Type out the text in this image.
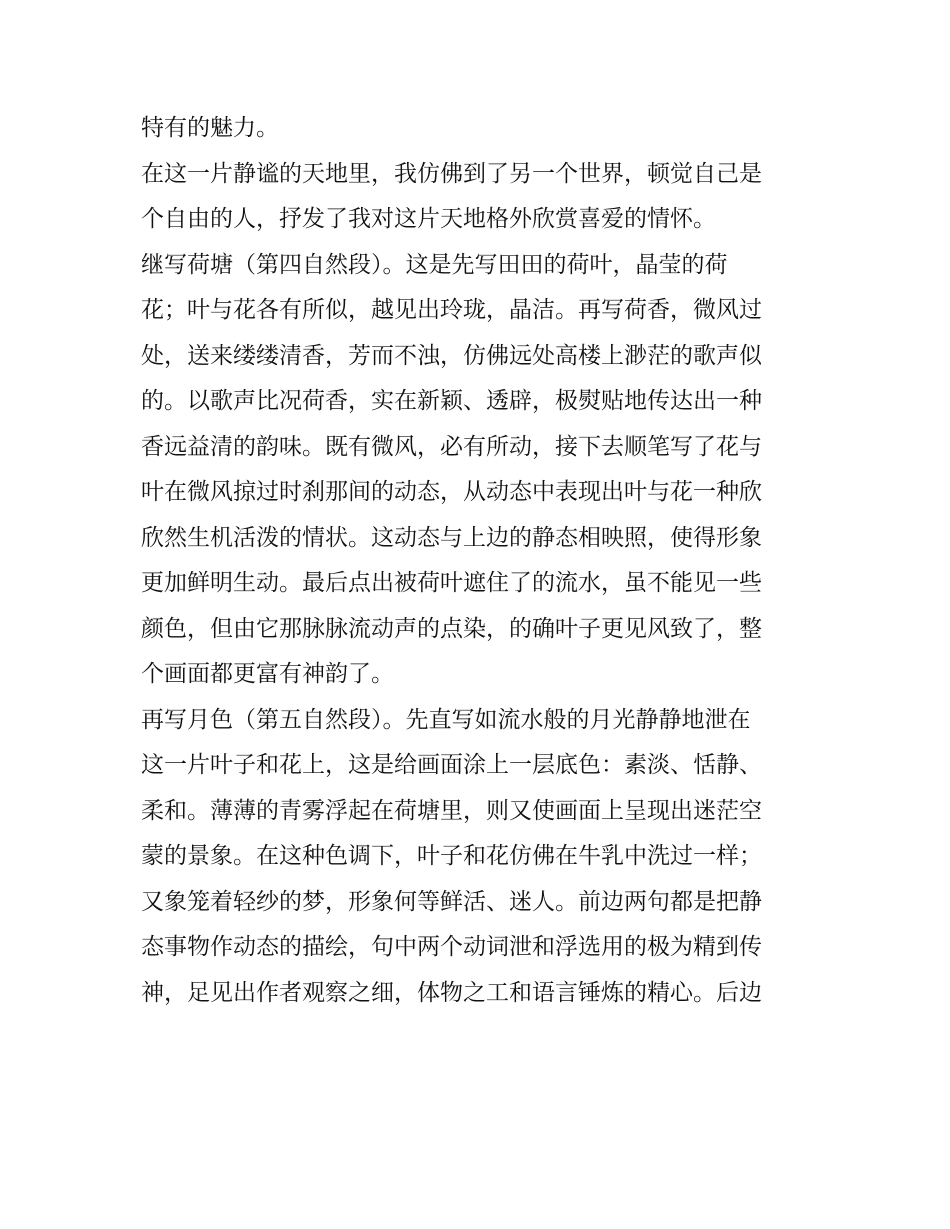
特有的魅力。
在这一片静谧的天地里，我仿佛到了另一个世界，顿觉自己是
个自由的人，抒发了我对这片天地格外欣赏喜爱的情怀。
继写荷塘（第四自然段）。这是先写田田的荷叶，晶莹的荷
花；叶与花各有所似，越见出玲珑，晶洁。再写荷香，微风过
处，送来缕缕清香，芳而不浊，仿佛远处高楼上渺茫的歌声似
的。以歌声比况荷香，实在新颖、透辟，极熨贴地传达出一种
香远益清的韵味。既有微风，必有所动，接下去顺笔写了花与
叶在微风掠过时刹那间的动态，从动态中表现出叶与花一种欣
欣然生机活泼的情状。这动态与上边的静态相映照，使得形象
更加鲜明生动。最后点出被荷叶遮住了的流水，虽不能见一些
颜色，但由它那脉脉流动声的点染，的确叶子更见风致了，整
个画面都更富有神韵了。
再写月色（第五自然段）。先直写如流水般的月光静静地泄在
这一片叶子和花上，这是给画面涂上一层底色：素淡、恬静、
柔和。薄薄的青雾浮起在荷塘里，则又使画面上呈现出迷茫空
蒙的景象。在这种色调下，叶子和花仿佛在牛乳中洗过一样；
又象笼着轻纱的梦，形象何等鲜活、迷人。前边两句都是把静
态事物作动态的描绘，句中两个动词泄和浮选用的极为精到传
神，足见出作者观察之细，体物之工和语言锤炼的精心。后边
